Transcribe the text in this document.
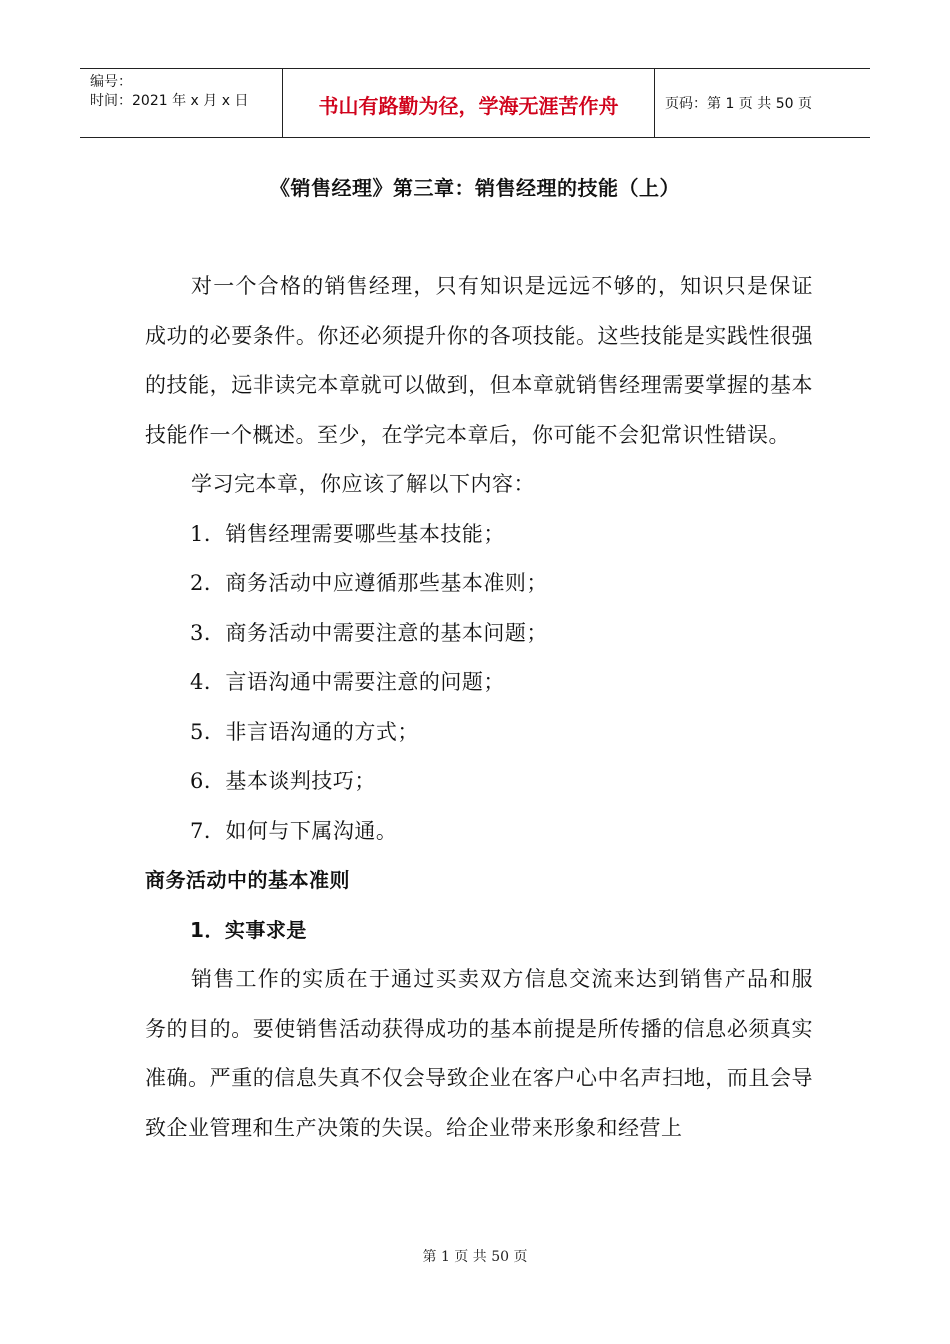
编号：
时间：2021 年 x 月 x 日	书山有路勤为径，学海无涯苦作舟	页码：第 1 页 共 50 页
《销售经理》第三章：销售经理的技能（上）

对一个合格的销售经理，只有知识是远远不够的，知识只是保证成功的必要条件。你还必须提升你的各项技能。这些技能是实践性很强的技能，远非读完本章就可以做到，但本章就销售经理需要掌握的基本技能作一个概述。至少，在学完本章后，你可能不会犯常识性错误。

学习完本章，你应该了解以下内容：

1．销售经理需要哪些基本技能；

2．商务活动中应遵循那些基本准则；

3．商务活动中需要注意的基本问题；

4．言语沟通中需要注意的问题；

5．非言语沟通的方式；

6．基本谈判技巧；

7．如何与下属沟通。

商务活动中的基本准则

1．实事求是

销售工作的实质在于通过买卖双方信息交流来达到销售产品和服务的目的。要使销售活动获得成功的基本前提是所传播的信息必须真实准确。严重的信息失真不仅会导致企业在客户心中名声扫地，而且会导致企业管理和生产决策的失误。给企业带来形象和经营上

第 1 页 共 50 页
